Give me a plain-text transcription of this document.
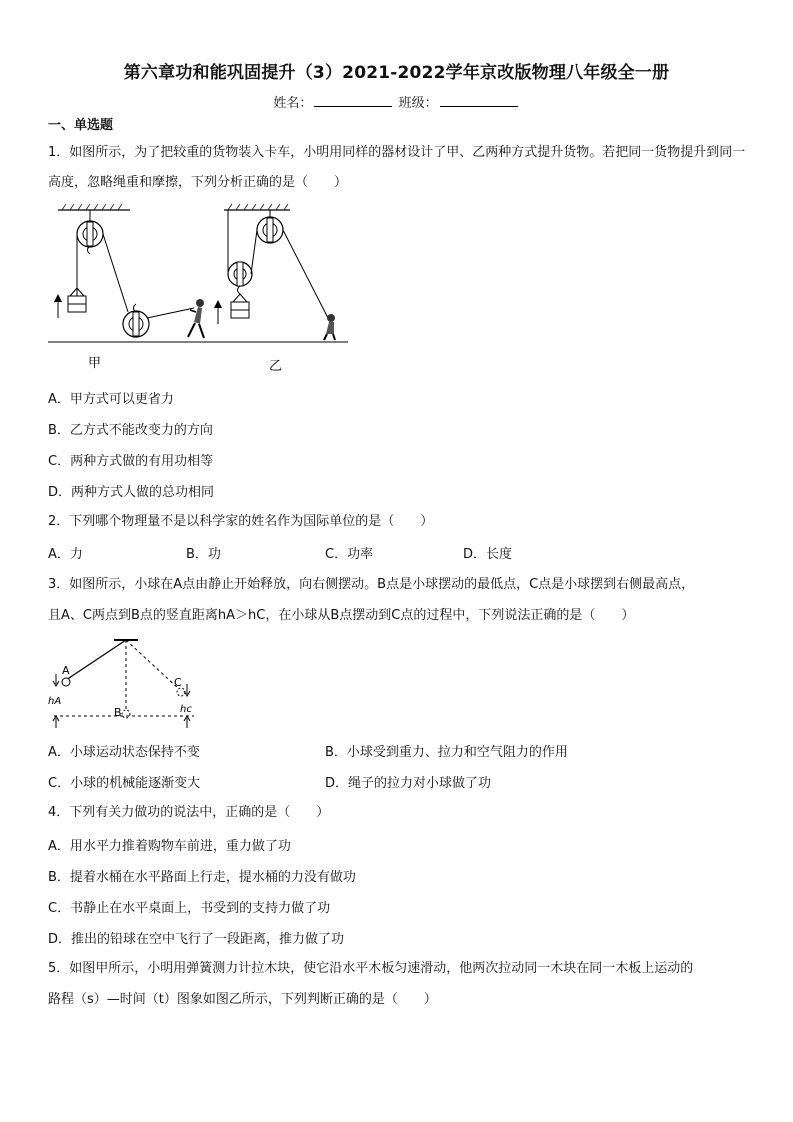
第六章功和能巩固提升（3）2021-2022学年京改版物理八年级全一册
姓名：	班级：
一、单选题
1．如图所示，为了把较重的货物装入卡车，小明用同样的器材设计了甲、乙两种方式提升货物。若把同一货物提升到同一高度，忽略绳重和摩擦，下列分析正确的是（　　）
甲	乙
A．甲方式可以更省力
B．乙方式不能改变力的方向
C．两种方式做的有用功相等
D．两种方式人做的总功相同
2．下列哪个物理量不是以科学家的姓名作为国际单位的是（　　）
A．力	B．功	C．功率	D．长度
3．如图所示，小球在A点由静止开始释放，向右侧摆动。B点是小球摆动的最低点，C点是小球摆到右侧最高点，
且A、C两点到B点的竖直距离hA＞hC，在小球从B点摆动到C点的过程中，下列说法正确的是（　　）
A
B
C
hA
hc
A．小球运动状态保持不变	B．小球受到重力、拉力和空气阻力的作用
C．小球的机械能逐渐变大	D．绳子的拉力对小球做了功
4．下列有关力做功的说法中，正确的是（　　）
A．用水平力推着购物车前进，重力做了功
B．提着水桶在水平路面上行走，提水桶的力没有做功
C．书静止在水平桌面上，书受到的支持力做了功
D．推出的铅球在空中飞行了一段距离，推力做了功
5．如图甲所示，小明用弹簧测力计拉木块，使它沿水平木板匀速滑动，他两次拉动同一木块在同一木板上运动的
路程（s）—时间（t）图象如图乙所示，下列判断正确的是（　　）
